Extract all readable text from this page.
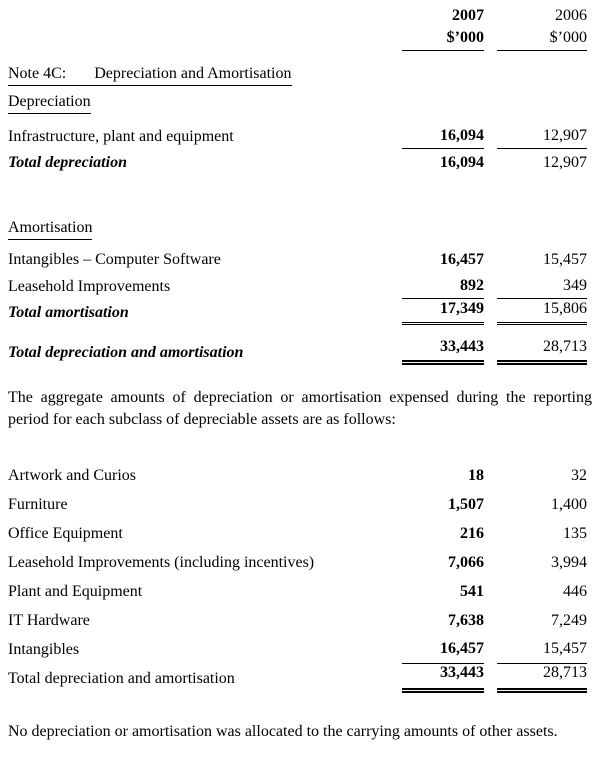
2007	2006
$’000	$’000
Note 4C: Depreciation and Amortisation
Depreciation
Infrastructure, plant and equipment	16,094	12,907
Total depreciation	16,094	12,907
Amortisation
Intangibles – Computer Software	16,457	15,457
Leasehold Improvements	892	349
Total amortisation	17,349	15,806
Total depreciation and amortisation	33,443	28,713

The aggregate amounts of depreciation or amortisation expensed during the reporting period for each subclass of depreciable assets are as follows:

Artwork and Curios	18	32
Furniture	1,507	1,400
Office Equipment	216	135
Leasehold Improvements (including incentives)	7,066	3,994
Plant and Equipment	541	446
IT Hardware	7,638	7,249
Intangibles	16,457	15,457
Total depreciation and amortisation	33,443	28,713

No depreciation or amortisation was allocated to the carrying amounts of other assets.
